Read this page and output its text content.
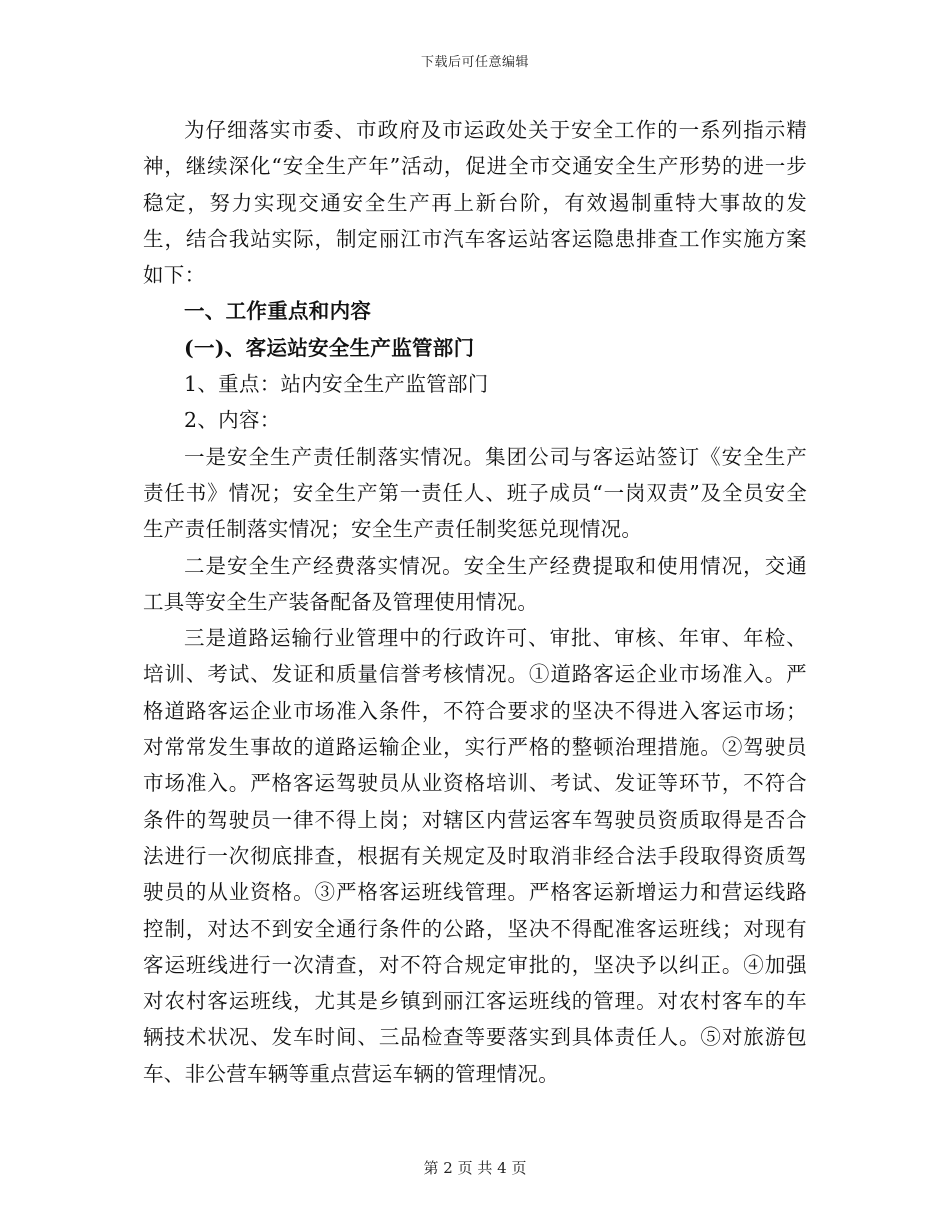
下载后可任意编辑

为仔细落实市委、市政府及市运政处关于安全工作的一系列指示精神，继续深化“安全生产年”活动，促进全市交通安全生产形势的进一步稳定，努力实现交通安全生产再上新台阶，有效遏制重特大事故的发生，结合我站实际，制定丽江市汽车客运站客运隐患排查工作实施方案如下：

一、工作重点和内容

(一)、客运站安全生产监管部门

1、重点：站内安全生产监管部门

2、内容：

一是安全生产责任制落实情况。集团公司与客运站签订《安全生产责任书》情况；安全生产第一责任人、班子成员“一岗双责”及全员安全生产责任制落实情况；安全生产责任制奖惩兑现情况。

二是安全生产经费落实情况。安全生产经费提取和使用情况，交通工具等安全生产装备配备及管理使用情况。

三是道路运输行业管理中的行政许可、审批、审核、年审、年检、培训、考试、发证和质量信誉考核情况。①道路客运企业市场准入。严格道路客运企业市场准入条件，不符合要求的坚决不得进入客运市场；对常常发生事故的道路运输企业，实行严格的整顿治理措施。②驾驶员市场准入。严格客运驾驶员从业资格培训、考试、发证等环节，不符合条件的驾驶员一律不得上岗；对辖区内营运客车驾驶员资质取得是否合法进行一次彻底排查，根据有关规定及时取消非经合法手段取得资质驾驶员的从业资格。③严格客运班线管理。严格客运新增运力和营运线路控制，对达不到安全通行条件的公路，坚决不得配准客运班线；对现有客运班线进行一次清查，对不符合规定审批的，坚决予以纠正。④加强对农村客运班线，尤其是乡镇到丽江客运班线的管理。对农村客车的车辆技术状况、发车时间、三品检查等要落实到具体责任人。⑤对旅游包车、非公营车辆等重点营运车辆的管理情况。

第 2 页 共 4 页
